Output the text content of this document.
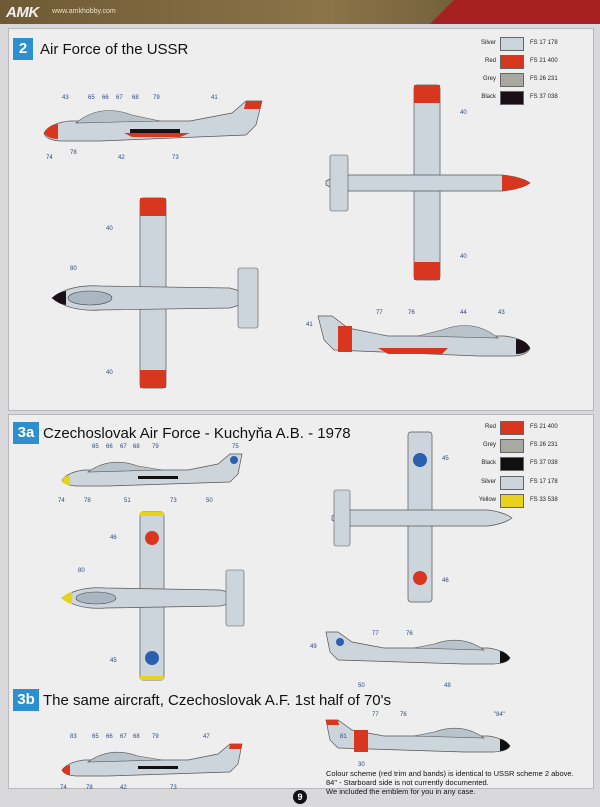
AMK www.amkhobby.com
2 Air Force of the USSR	Silver	FS 17 178
Red	FS 21 400
Grey	FS 26 231
Black	FS 37 038
43	65 66 67 68 79	41
74
78
42	73
40
80
40
40
40
41
77	76	44	43
3a Czechoslovak Air Force - Kuchyňa A.B. - 1978	Red	FS 21 400
Grey	FS 26 231
Black	FS 37 038
Silver	FS 17 178
Yellow	FS 33 538
65 66 67 68 79	75
74	78	51	73	50
46
80
45
45
46
49
77	76
50	48
3b The same aircraft, Czechoslovak A.F. 1st half of 70's
83	65 66 67 68 79	47
74	78	42	73
77	76	"84"
30
81
Colour scheme (red trim and bands) is identical to USSR scheme 2 above.
84" - Starboard side is not currently documented.
We included the emblem for you in any case.
9
